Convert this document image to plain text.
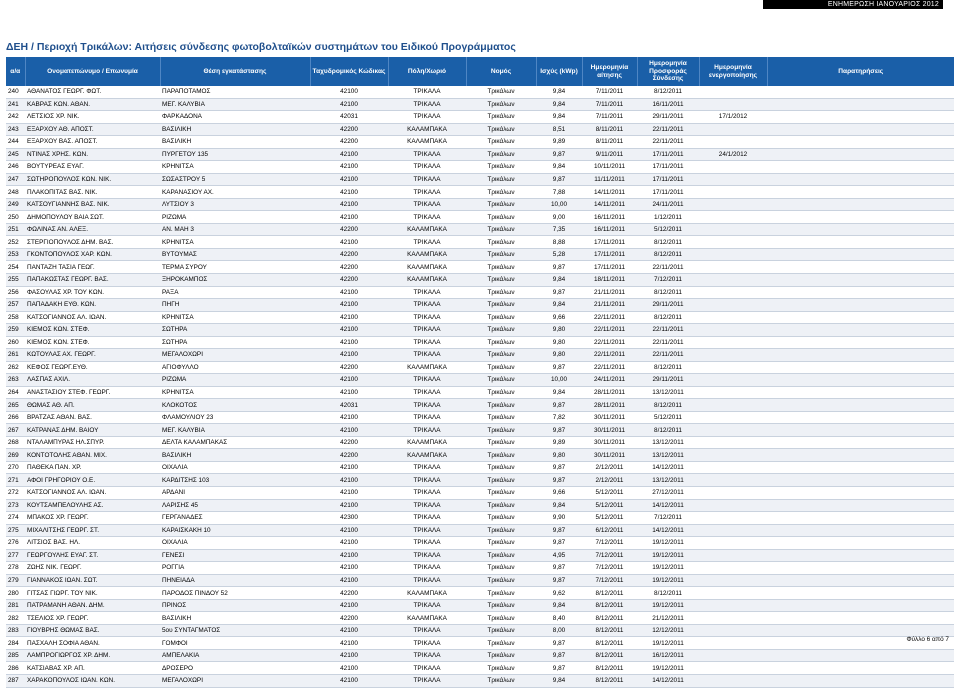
ΕΝΗΜΕΡΩΣΗ ΙΑΝΟΥΑΡΙΟΣ 2012
ΔΕΗ / Περιοχή Τρικάλων: Αιτήσεις σύνδεσης φωτοβολταϊκών συστημάτων του Ειδικού Προγράμματος
α/α	Ονοματεπώνυμο / Επωνυμία	Θέση εγκατάστασης	Ταχυδρομικός Κώδικας	Πόλη/Χωριό	Νομός	Ισχύς (kWp)	Ημερομηνία αίτησης	Ημερομηνία Προσφοράς Σύνδεσης	Ημερομηνία ενεργοποίησης	Παρατηρήσεις
240	ΑΘΑΝΑΤΟΣ ΓΕΩΡΓ. ΦΩΤ.	ΠΑΡΑΠΟΤΑΜΟΣ	42100	ΤΡΙΚΑΛΑ	Τρικάλων	9,84	7/11/2011	8/12/2011		
241	ΚΑΒΡΑΣ ΚΩΝ. ΑΘΑΝ.	ΜΕΓ. ΚΑΛΥΒΙΑ	42100	ΤΡΙΚΑΛΑ	Τρικάλων	9,84	7/11/2011	16/11/2011		
242	ΛΕΤΣΙΟΣ ΧΡ. ΝΙΚ.	ΦΑΡΚΑΔΟΝΑ	42031	ΤΡΙΚΑΛΑ	Τρικάλων	9,84	7/11/2011	29/11/2011	17/1/2012	
243	ΕΞΑΡΧΟΥ ΑΘ. ΑΠΟΣΤ.	ΒΑΣΙΛΙΚΗ	42200	ΚΑΛΑΜΠΑΚΑ	Τρικάλων	8,51	8/11/2011	22/11/2011		
244	ΕΞΑΡΧΟΥ ΒΑΣ. ΑΠΟΣΤ.	ΒΑΣΙΛΙΚΗ	42200	ΚΑΛΑΜΠΑΚΑ	Τρικάλων	9,89	8/11/2011	22/11/2011		
245	ΝΤΙΝΑΣ ΧΡΗΣ. ΚΩΝ.	ΠΥΡΓΕΤΟΥ 135	42100	ΤΡΙΚΑΛΑ	Τρικάλων	9,87	9/11/2011	17/11/2011	24/1/2012	
246	ΒΟΥΤΥΡΕΑΣ ΕΥΑΓ.	ΚΡΗΝΙΤΣΑ	42100	ΤΡΙΚΑΛΑ	Τρικάλων	9,84	10/11/2011	17/11/2011		
247	ΣΩΤΗΡΟΠΟΥΛΟΣ ΚΩΝ. ΝΙΚ.	ΣΩΣΑΣΤΡΟΥ 5	42100	ΤΡΙΚΑΛΑ	Τρικάλων	9,87	11/11/2011	17/11/2011		
248	ΠΛΑΚΟΠΙΤΑΣ ΒΑΣ. ΝΙΚ.	ΚΑΡΑΝΑΣΙΟΥ ΑΧ.	42100	ΤΡΙΚΑΛΑ	Τρικάλων	7,88	14/11/2011	17/11/2011		
249	ΚΑΤΣΟΥΓΙΑΝΝΗΣ ΒΑΣ. ΝΙΚ.	ΛΥΤΣΙΟΥ 3	42100	ΤΡΙΚΑΛΑ	Τρικάλων	10,00	14/11/2011	24/11/2011		
250	ΔΗΜΟΠΟΥΛΟΥ ΒΑΙΑ ΣΩΤ.	ΡΙΖΩΜΑ	42100	ΤΡΙΚΑΛΑ	Τρικάλων	9,00	16/11/2011	1/12/2011		
251	ΦΩΛΙΝΑΣ ΑΝ. ΑΛΕΞ.	ΑΝ. ΜΑΗ 3	42200	ΚΑΛΑΜΠΑΚΑ	Τρικάλων	7,35	16/11/2011	5/12/2011		
252	ΣΤΕΡΓΙΟΠΟΥΛΟΣ ΔΗΜ. ΒΑΣ.	ΚΡΗΝΙΤΣΑ	42100	ΤΡΙΚΑΛΑ	Τρικάλων	8,88	17/11/2011	8/12/2011		
253	ΓΚΟΝΤΟΠΟΥΛΟΣ ΧΑΡ. ΚΩΝ.	ΒΥΤΟΥΜΑΣ	42200	ΚΑΛΑΜΠΑΚΑ	Τρικάλων	5,28	17/11/2011	8/12/2011		
254	ΠΑΝΤΑΖΗ ΤΑΣΙΑ ΓΕΩΓ.	ΤΕΡΜΑ ΣΥΡΟΥ	42200	ΚΑΛΑΜΠΑΚΑ	Τρικάλων	9,87	17/11/2011	22/11/2011		
255	ΠΑΠΑΚΩΣΤΑΣ ΓΕΩΡΓ. ΒΑΣ.	ΞΗΡΟΚΑΜΠΟΣ	42200	ΚΑΛΑΜΠΑΚΑ	Τρικάλων	9,84	18/11/2011	7/12/2011		
256	ΦΑΣΟΥΛΑΣ ΧΡ. ΤΟΥ ΚΩΝ.	ΡΑΞΑ	42100	ΤΡΙΚΑΛΑ	Τρικάλων	9,87	21/11/2011	8/12/2011		
257	ΠΑΠΑΔΑΚΗ ΕΥΘ. ΚΩΝ.	ΠΗΓΗ	42100	ΤΡΙΚΑΛΑ	Τρικάλων	9,84	21/11/2011	29/11/2011		
258	ΚΑΤΣΟΓΙΑΝΝΟΣ ΑΛ. ΙΩΑΝ.	ΚΡΗΝΙΤΣΑ	42100	ΤΡΙΚΑΛΑ	Τρικάλων	9,66	22/11/2011	8/12/2011		
259	ΚΙΕΜΟΣ ΚΩΝ. ΣΤΕΦ.	ΣΩΤΗΡΑ	42100	ΤΡΙΚΑΛΑ	Τρικάλων	9,80	22/11/2011	22/11/2011		
260	ΚΙΕΜΟΣ ΚΩΝ. ΣΤΕΦ.	ΣΩΤΗΡΑ	42100	ΤΡΙΚΑΛΑ	Τρικάλων	9,80	22/11/2011	22/11/2011		
261	ΚΩΤΟΥΛΑΣ ΑΧ. ΓΕΩΡΓ.	ΜΕΓΑΛΟΧΩΡΙ	42100	ΤΡΙΚΑΛΑ	Τρικάλων	9,80	22/11/2011	22/11/2011		
262	ΚΕΦΟΣ ΓΕΩΡΓ.ΕΥΘ.	ΑΓΙΟΦΥΛΛΟ	42200	ΚΑΛΑΜΠΑΚΑ	Τρικάλων	9,87	22/11/2011	8/12/2011		
263	ΛΑΣΠΑΣ ΑΧΙΛ.	ΡΙΖΩΜΑ	42100	ΤΡΙΚΑΛΑ	Τρικάλων	10,00	24/11/2011	29/11/2011		
264	ΑΝΑΣΤΑΣΙΟΥ ΣΤΕΦ. ΓΕΩΡΓ.	ΚΡΗΝΙΤΣΑ	42100	ΤΡΙΚΑΛΑ	Τρικάλων	9,84	28/11/2011	13/12/2011		
265	ΘΩΜΑΣ ΑΘ. ΑΠ.	ΚΛΟΚΟΤΟΣ	42031	ΤΡΙΚΑΛΑ	Τρικάλων	9,87	28/11/2011	8/12/2011		
266	ΒΡΑΤΖΑΣ ΑΘΑΝ. ΒΑΣ.	ΦΛΑΜΟΥΛΙΟΥ 23	42100	ΤΡΙΚΑΛΑ	Τρικάλων	7,82	30/11/2011	5/12/2011		
267	ΚΑΤΡΑΝΑΣ ΔΗΜ. ΒΑΙΟΥ	ΜΕΓ. ΚΑΛΥΒΙΑ	42100	ΤΡΙΚΑΛΑ	Τρικάλων	9,87	30/11/2011	8/12/2011		
268	ΝΤΑΛΑΜΠΥΡΑΣ ΗΛ.ΣΠΥΡ.	ΔΕΛΤΑ ΚΑΛΑΜΠΑΚΑΣ	42200	ΚΑΛΑΜΠΑΚΑ	Τρικάλων	9,89	30/11/2011	13/12/2011		
269	ΚΟΝΤΟΤΟΛΗΣ ΑΘΑΝ. ΜΙΧ.	ΒΑΣΙΛΙΚΗ	42200	ΚΑΛΑΜΠΑΚΑ	Τρικάλων	9,80	30/11/2011	13/12/2011		
270	ΠΑΘΕΚΑ ΠΑΝ. ΧΡ.	ΟΙΧΑΛΙΑ	42100	ΤΡΙΚΑΛΑ	Τρικάλων	9,87	2/12/2011	14/12/2011		
271	ΑΦΟΙ ΓΡΗΓΟΡΙΟΥ Ο.Ε.	ΚΑΡΔΙΤΣΗΣ 103	42100	ΤΡΙΚΑΛΑ	Τρικάλων	9,87	2/12/2011	13/12/2011		
272	ΚΑΤΣΟΓΙΑΝΝΟΣ ΑΛ. ΙΩΑΝ.	ΑΡΔΑΝΙ	42100	ΤΡΙΚΑΛΑ	Τρικάλων	9,66	5/12/2011	27/12/2011		
273	ΚΟΥΤΣΑΜΠΕΛΟΥΛΗΣ ΑΣ.	ΛΑΡΙΣΗΣ 45	42100	ΤΡΙΚΑΛΑ	Τρικάλων	9,84	5/12/2011	14/12/2011		
274	ΜΠΑΚΟΣ ΧΡ. ΓΕΩΡΓ.	ΓΕΡΓΑΝΑΔΕΣ	42300	ΤΡΙΚΑΛΑ	Τρικάλων	9,90	5/12/2011	7/12/2011		
275	ΜΙΧΑΛΙΤΣΗΣ ΓΕΩΡΓ. ΣΤ.	ΚΑΡΑΙΣΚΑΚΗ 10	42100	ΤΡΙΚΑΛΑ	Τρικάλων	9,87	6/12/2011	14/12/2011		
276	ΛΙΤΣΙΟΣ ΒΑΣ. ΗΛ.	ΟΙΧΑΛΙΑ	42100	ΤΡΙΚΑΛΑ	Τρικάλων	9,87	7/12/2011	19/12/2011		
277	ΓΕΩΡΓΟΥΛΗΣ ΕΥΑΓ. ΣΤ.	ΓΕΝΕΣΙ	42100	ΤΡΙΚΑΛΑ	Τρικάλων	4,95	7/12/2011	19/12/2011		
278	ΖΩΗΣ ΝΙΚ. ΓΕΩΡΓ.	ΡΟΓΓΙΑ	42100	ΤΡΙΚΑΛΑ	Τρικάλων	9,87	7/12/2011	19/12/2011		
279	ΓΙΑΝΝΑΚΟΣ ΙΩΑΝ. ΣΩΤ.	ΠΗΝΕΙΑΔΑ	42100	ΤΡΙΚΑΛΑ	Τρικάλων	9,87	7/12/2011	19/12/2011		
280	ΓΙΤΣΑΣ ΓΙΩΡΓ. ΤΟΥ ΝΙΚ.	ΠΑΡΟΔΟΣ ΠΙΝΔΟΥ 52	42200	ΚΑΛΑΜΠΑΚΑ	Τρικάλων	9,62	8/12/2011	8/12/2011		
281	ΠΑΤΡΑΜΑΝΗ ΑΘΑΝ. ΔΗΜ.	ΠΡΙΝΟΣ	42100	ΤΡΙΚΑΛΑ	Τρικάλων	9,84	8/12/2011	19/12/2011		
282	ΤΣΕΛΙΟΣ ΧΡ. ΓΕΩΡΓ.	ΒΑΣΙΛΙΚΗ	42200	ΚΑΛΑΜΠΑΚΑ	Τρικάλων	8,40	8/12/2011	21/12/2011		
283	ΓΙΟΥΒΡΗΣ ΘΩΜΑΣ ΒΑΣ.	5ου ΣΥΝΤΑΓΜΑΤΟΣ	42100	ΤΡΙΚΑΛΑ	Τρικάλων	8,00	8/12/2011	12/12/2011		
284	ΠΑΣΧΑΛΗ ΣΟΦΙΑ ΑΘΑΝ.	ΓΟΜΦΟΙ	42100	ΤΡΙΚΑΛΑ	Τρικάλων	9,87	8/12/2011	19/12/2011		
285	ΛΑΜΠΡΟΓΙΩΡΓΟΣ ΧΡ. ΔΗΜ.	ΑΜΠΕΛΑΚΙΑ	42100	ΤΡΙΚΑΛΑ	Τρικάλων	9,87	8/12/2011	16/12/2011		
286	ΚΑΤΣΙΑΒΑΣ ΧΡ. ΑΠ.	ΔΡΟΣΕΡΟ	42100	ΤΡΙΚΑΛΑ	Τρικάλων	9,87	8/12/2011	19/12/2011		
287	ΧΑΡΑΚΟΠΟΥΛΟΣ ΙΩΑΝ. ΚΩΝ.	ΜΕΓΑΛΟΧΩΡΙ	42100	ΤΡΙΚΑΛΑ	Τρικάλων	9,84	8/12/2011	14/12/2011		
Φύλλο 6 από 7
